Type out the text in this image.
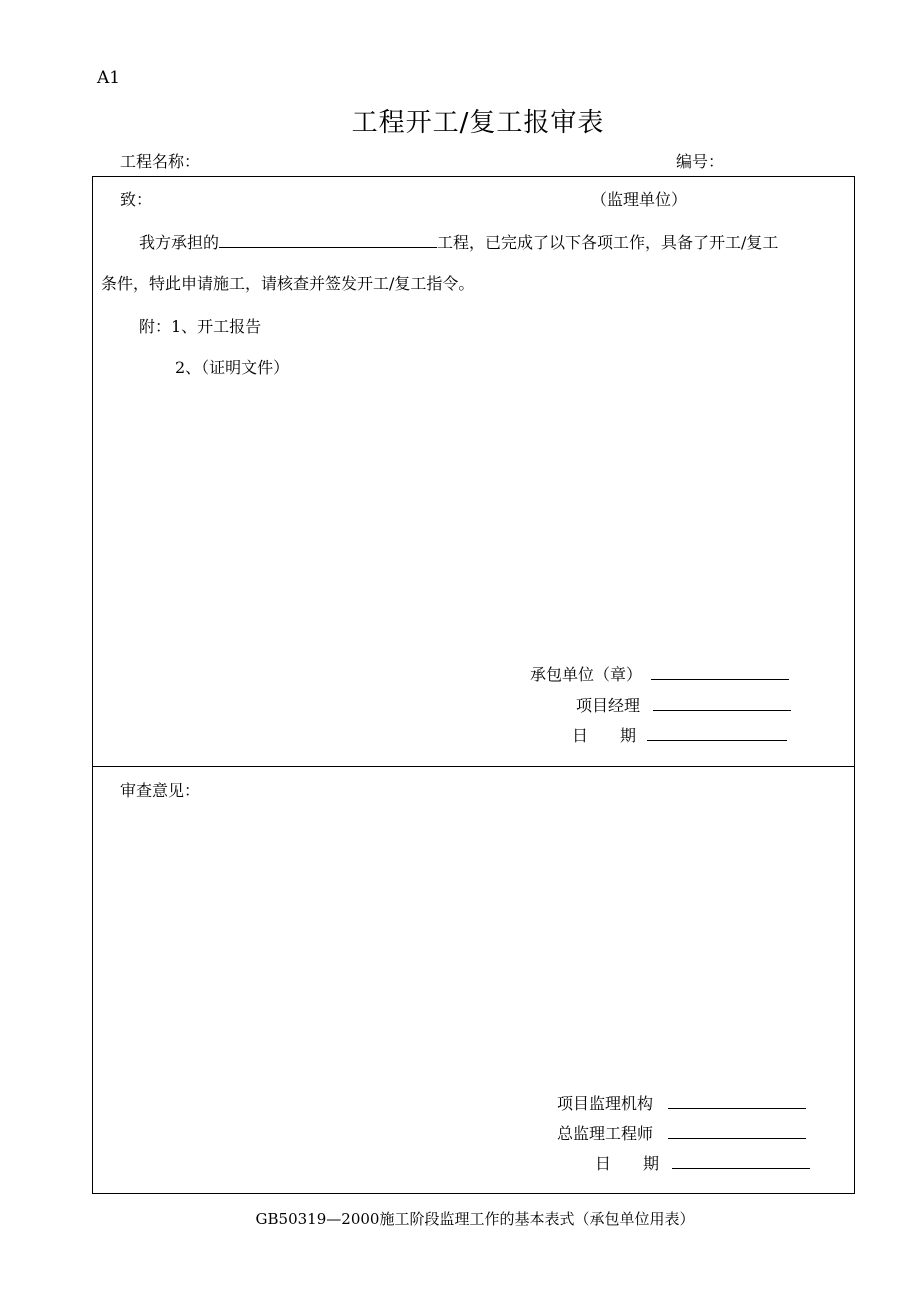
A1
工程开工/复工报审表
工程名称：	编号：
致：	（监理单位）
我方承担的	工程，已完成了以下各项工作，具备了开工/复工
条件，特此申请施工，请核查并签发开工/复工指令。
附：1、开工报告
2、（证明文件）
承包单位（章）
项目经理
日　　期
审查意见：
项目监理机构
总监理工程师
日　　期
GB50319—2000施工阶段监理工作的基本表式（承包单位用表）
